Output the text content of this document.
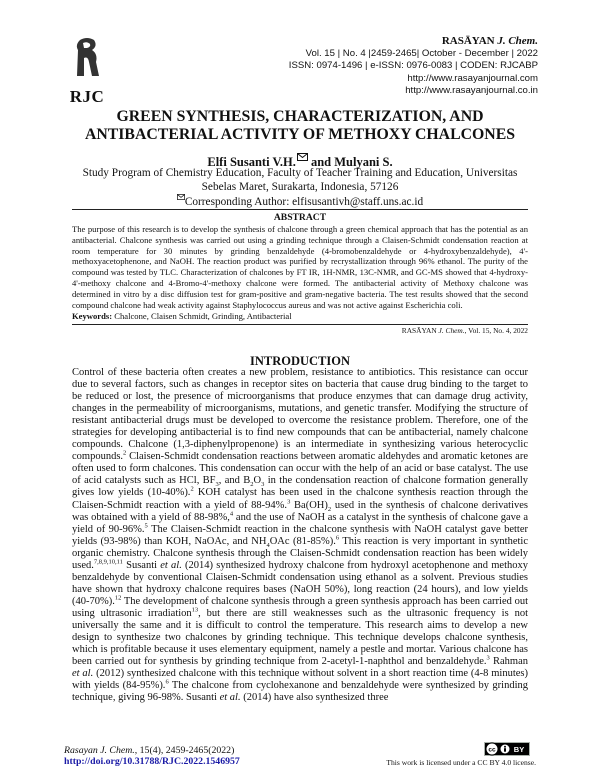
RJC
RASĀYAN J. Chem.
Vol. 15 | No. 4 |2459-2465| October - December | 2022
ISSN: 0974-1496 | e-ISSN: 0976-0083 | CODEN: RJCABP
http://www.rasayanjournal.com
http://www.rasayanjournal.co.in
GREEN SYNTHESIS, CHARACTERIZATION, AND ANTIBACTERIAL ACTIVITY OF METHOXY CHALCONES
Elfi Susanti V.H. and Mulyani S.
Study Program of Chemistry Education, Faculty of Teacher Training and Education, Universitas
Sebelas Maret, Surakarta, Indonesia, 57126
Corresponding Author: elfisusantivh@staff.uns.ac.id
ABSTRACT
The purpose of this research is to develop the synthesis of chalcone through a green chemical approach that has the potential as an antibacterial. Chalcone synthesis was carried out using a grinding technique through a Claisen-Schmidt condensation reaction at room temperature for 30 minutes by grinding benzaldehyde (4-bromobenzaldehyde or 4-hydroxybenzaldehyde), 4'-methoxyacetophenone, and NaOH. The reaction product was purified by recrystallization through 96% ethanol. The purity of the compound was tested by TLC. Characterization of chalcones by FT IR, 1H-NMR, 13C-NMR, and GC-MS showed that 4-hydroxy-4'-methoxy chalcone and 4-Bromo-4'-methoxy chalcone were formed. The antibacterial activity of Methoxy chalcone was determined in vitro by a disc diffusion test for gram-positive and gram-negative bacteria. The test results showed that the second compound chalcone had weak activity against Staphylococcus aureus and was not active against Escherichia coli.
Keywords: Chalcone, Claisen Schmidt, Grinding, Antibacterial
RASĀYAN J. Chem., Vol. 15, No. 4, 2022
INTRODUCTION
Control of these bacteria often creates a new problem, resistance to antibiotics. This resistance can occur due to several factors, such as changes in receptor sites on bacteria that cause drug binding to the target to be reduced or lost, the presence of microorganisms that produce enzymes that can damage drug activity, changes in the permeability of microorganisms, mutations, and genetic transfer. Modifying the structure of resistant antibacterial drugs must be developed to overcome the resistance problem. Therefore, one of the strategies for developing antibacterial is to find new compounds that can be antibacterial, namely chalcone compounds. Chalcone (1,3-diphenylpropenone) is an intermediate in synthesizing various heterocyclic compounds.$^2$ Claisen-Schmidt condensation reactions between aromatic aldehydes and aromatic ketones are often used to form chalcones. This condensation can occur with the help of an acid or base catalyst. The use of acid catalysts such as HCl, $BF_3$, and $B_2O_3$ in the condensation reaction of chalcone formation generally gives low yields (10-40%).$^2$ KOH catalyst has been used in the chalcone synthesis reaction through the Claisen-Schmidt reaction with a yield of 88-94%.$^3$ $Ba(OH)_2$ used in the synthesis of chalcone derivatives was obtained with a yield of 88-98%,$^4$ and the use of NaOH as a catalyst in the synthesis of chalcone gave a yield of 90-96%.$^5$ The Claisen-Schmidt reaction in the chalcone synthesis with NaOH catalyst gave better yields (93-98%) than KOH, NaOAc, and $NH_4OAc$ (81-85%).$^6$ This reaction is very important in synthetic organic chemistry. Chalcone synthesis through the Claisen-Schmidt condensation reaction has been widely used.$^{7,8,9,10,11}$ Susanti et al. (2014) synthesized hydroxy chalcone from hydroxyl acetophenone and methoxy benzaldehyde by conventional Claisen-Schmidt condensation using ethanol as a solvent. Previous studies have shown that hydroxy chalcone requires bases (NaOH 50%), long reaction (24 hours), and low yields (40-70%).$^{12}$ The development of chalcone synthesis through a green synthesis approach has been carried out using ultrasonic irradiation$^{13}$, but there are still weaknesses such as the ultrasonic frequency is not universally the same and it is difficult to control the temperature. This research aims to develop a new design to synthesize two chalcones by grinding technique. This technique develops chalcone synthesis, which is profitable because it uses elementary equipment, namely a pestle and mortar. Various chalcone has been carried out for synthesis by grinding technique from 2-acetyl-1-naphthol and benzaldehyde.$^3$ Rahman et al. (2012) synthesized chalcone with this technique without solvent in a short reaction time (4-8 minutes) with yields (84-95%).$^6$ The chalcone from cyclohexanone and benzaldehyde were synthesized by grinding technique, giving 96-98%. Susanti et al. (2014) have also synthesized three
Rasayan J. Chem., 15(4), 2459-2465(2022)
http://doi.org/10.31788/RJC.2022.1546957
cc BY
This work is licensed under a CC BY 4.0 license.
